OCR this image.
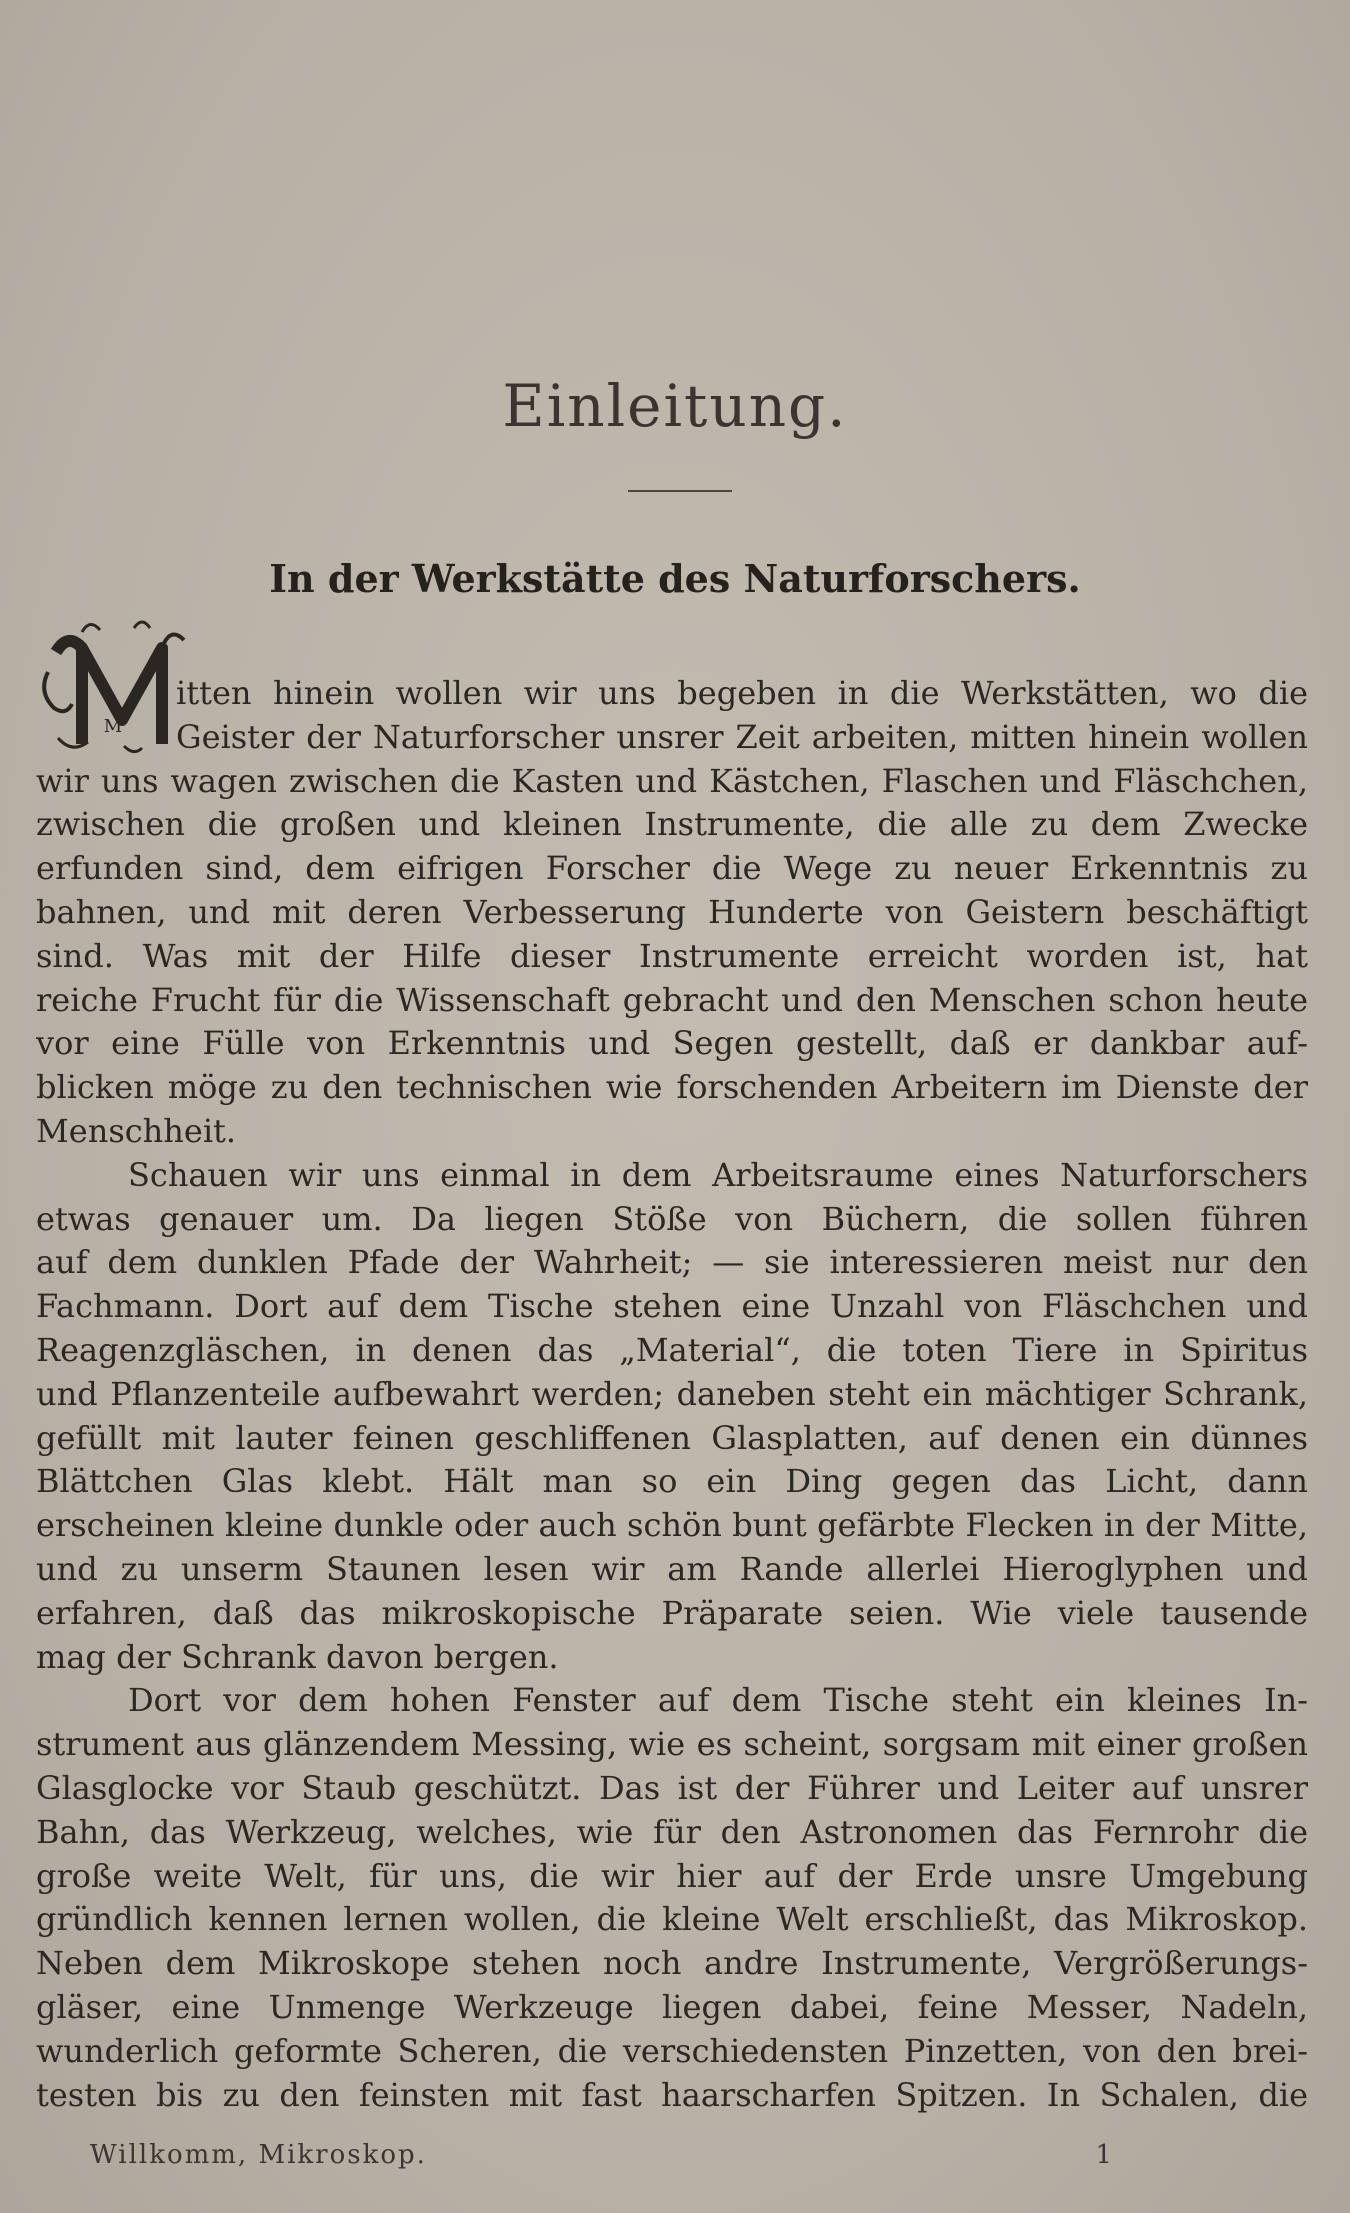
Einleitung.
In der Werkstätte des Naturforschers.
M
itten hinein wollen wir uns begeben in die Werkstätten, wo die
Geister der Naturforscher unsrer Zeit arbeiten, mitten hinein wollen
wir uns wagen zwischen die Kasten und Kästchen, Flaschen und Fläschchen,
zwischen die großen und kleinen Instrumente, die alle zu dem Zwecke
erfunden sind, dem eifrigen Forscher die Wege zu neuer Erkenntnis zu
bahnen, und mit deren Verbesserung Hunderte von Geistern beschäftigt
sind. Was mit der Hilfe dieser Instrumente erreicht worden ist, hat
reiche Frucht für die Wissenschaft gebracht und den Menschen schon heute
vor eine Fülle von Erkenntnis und Segen gestellt, daß er dankbar auf-
blicken möge zu den technischen wie forschenden Arbeitern im Dienste der
Menschheit.
Schauen wir uns einmal in dem Arbeitsraume eines Naturforschers
etwas genauer um. Da liegen Stöße von Büchern, die sollen führen
auf dem dunklen Pfade der Wahrheit; — sie interessieren meist nur den
Fachmann. Dort auf dem Tische stehen eine Unzahl von Fläschchen und
Reagenzgläschen, in denen das „Material“, die toten Tiere in Spiritus
und Pflanzenteile aufbewahrt werden; daneben steht ein mächtiger Schrank,
gefüllt mit lauter feinen geschliffenen Glasplatten, auf denen ein dünnes
Blättchen Glas klebt. Hält man so ein Ding gegen das Licht, dann
erscheinen kleine dunkle oder auch schön bunt gefärbte Flecken in der Mitte,
und zu unserm Staunen lesen wir am Rande allerlei Hieroglyphen und
erfahren, daß das mikroskopische Präparate seien. Wie viele tausende
mag der Schrank davon bergen.
Dort vor dem hohen Fenster auf dem Tische steht ein kleines In-
strument aus glänzendem Messing, wie es scheint, sorgsam mit einer großen
Glasglocke vor Staub geschützt. Das ist der Führer und Leiter auf unsrer
Bahn, das Werkzeug, welches, wie für den Astronomen das Fernrohr die
große weite Welt, für uns, die wir hier auf der Erde unsre Umgebung
gründlich kennen lernen wollen, die kleine Welt erschließt, das Mikroskop.
Neben dem Mikroskope stehen noch andre Instrumente, Vergrößerungs-
gläser, eine Unmenge Werkzeuge liegen dabei, feine Messer, Nadeln,
wunderlich geformte Scheren, die verschiedensten Pinzetten, von den brei-
testen bis zu den feinsten mit fast haarscharfen Spitzen. In Schalen, die
Willkomm, Mikroskop.	1
